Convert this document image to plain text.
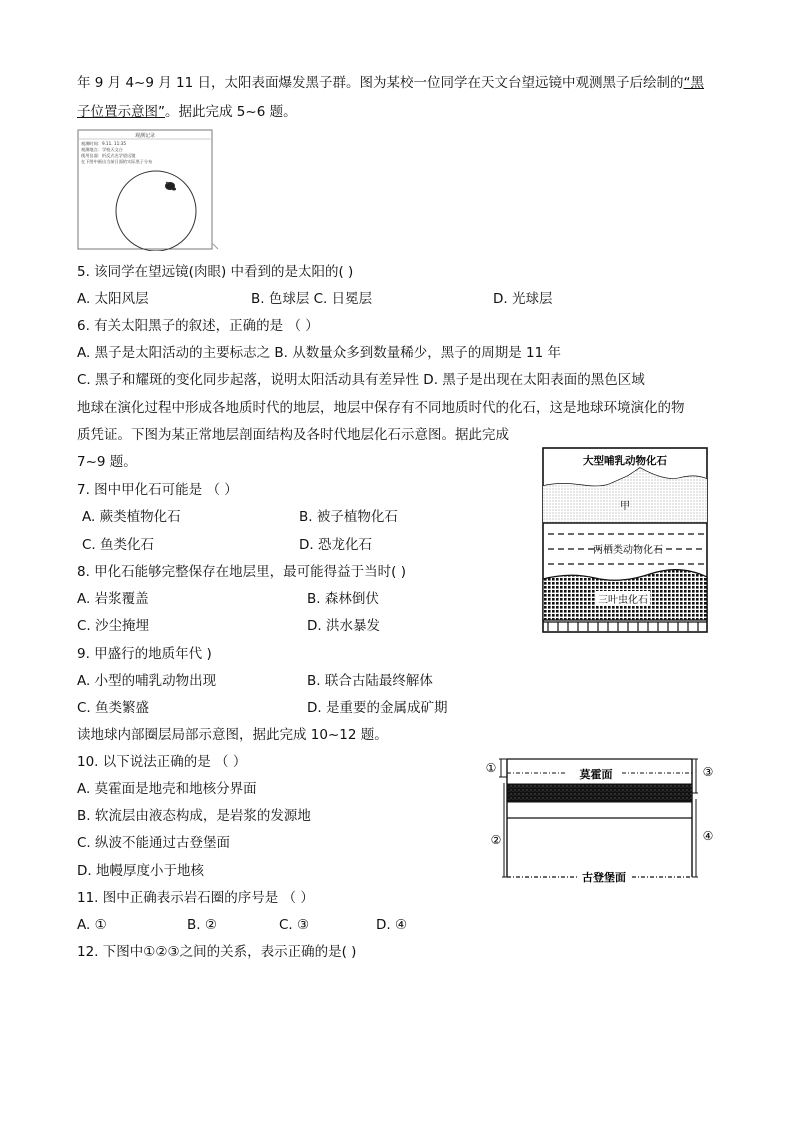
年 9 月 4~9 月 11 日，太阳表面爆发黑子群。图为某校一位同学在天文台望远镜中观测黑子后绘制的“黑
子位置示意图”。据此完成 5~6 题。
观测记录
观测时间：9.11. 11:35
观测地点：学校天文台
使用仪器：折反式光学望远镜
在下图中画出当前日面的实际黑子分布
5. 该同学在望远镜(肉眼) 中看到的是太阳的( )
A. 太阳风层	B. 色球层 C. 日冕层	D. 光球层
6. 有关太阳黑子的叙述，正确的是 （ ）
A. 黑子是太阳活动的主要标志之 B. 从数量众多到数量稀少，黑子的周期是 11 年
C. 黑子和耀斑的变化同步起落，说明太阳活动具有差异性 D. 黑子是出现在太阳表面的黑色区域
地球在演化过程中形成各地质时代的地层，地层中保存有不同地质时代的化石，这是地球环境演化的物
质凭证。下图为某正常地层剖面结构及各时代地层化石示意图。据此完成
7~9 题。	大型哺乳动物化石
甲
两栖类动物化石
三叶虫化石
7. 图中甲化石可能是 （ ）
A. 蕨类植物化石	B. 被子植物化石
C. 鱼类化石	D. 恐龙化石
8. 甲化石能够完整保存在地层里，最可能得益于当时( )
A. 岩浆覆盖	B. 森林倒伏
C. 沙尘掩埋	D. 洪水暴发
9. 甲盛行的地质年代 )
A. 小型的哺乳动物出现	B. 联合古陆最终解体
C. 鱼类繁盛	D. 是重要的金属成矿期
读地球内部圈层局部示意图，据此完成 10~12 题。
①
②
③
④
莫霍面
古登堡面
10. 以下说法正确的是 （ ）
A. 莫霍面是地壳和地核分界面
B. 软流层由液态构成，是岩浆的发源地
C. 纵波不能通过古登堡面
D. 地幔厚度小于地核
11. 图中正确表示岩石圈的序号是 （ ）
A. ①	B. ②	C. ③	D. ④
12. 下图中①②③之间的关系，表示正确的是( )
